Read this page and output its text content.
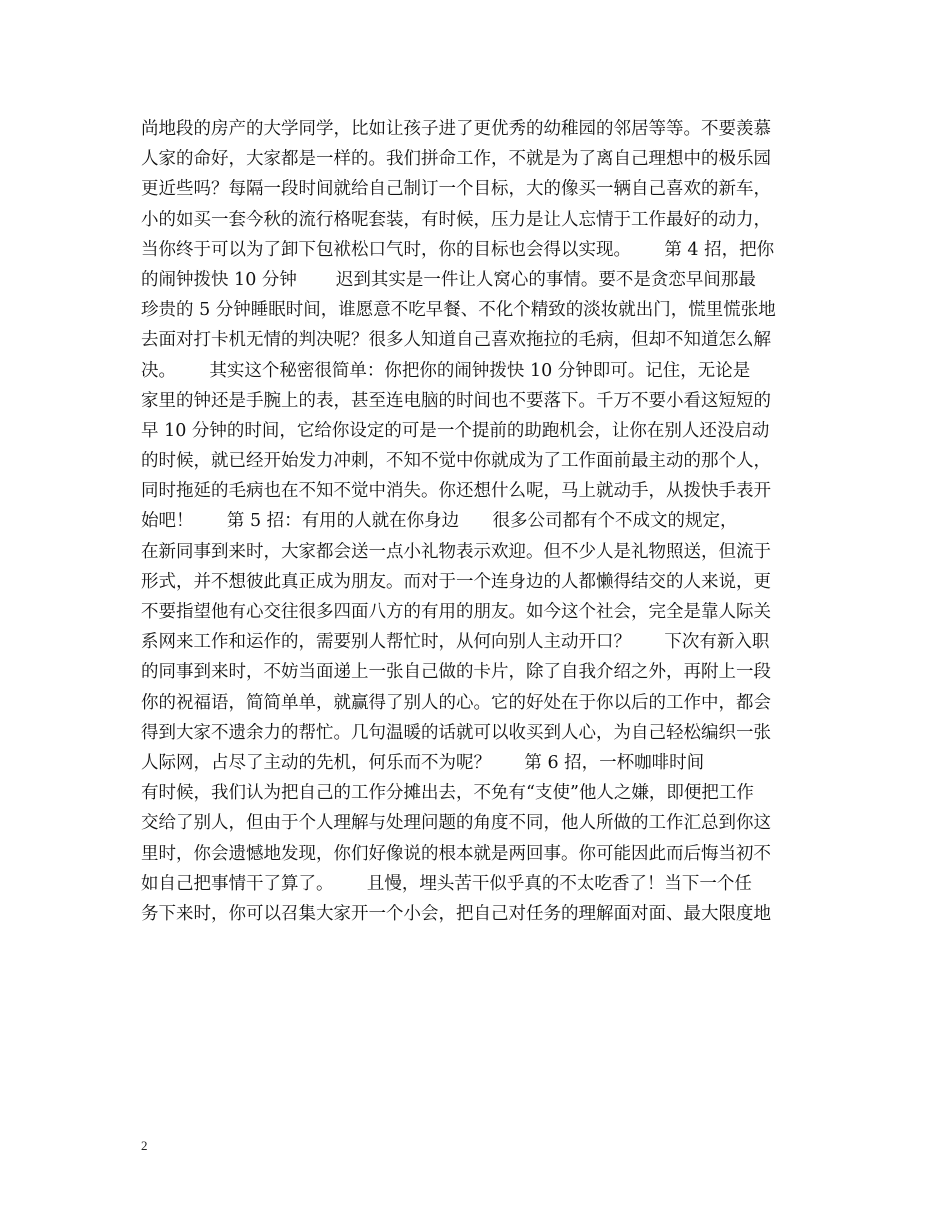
尚地段的房产的大学同学，比如让孩子进了更优秀的幼稚园的邻居等等。不要羡慕
人家的命好，大家都是一样的。我们拼命工作，不就是为了离自己理想中的极乐园
更近些吗？每隔一段时间就给自己制订一个目标，大的像买一辆自己喜欢的新车，
小的如买一套今秋的流行格呢套装，有时候，压力是让人忘情于工作最好的动力，
当你终于可以为了卸下包袱松口气时，你的目标也会得以实现。      第 4 招，把你
的闹钟拨快 10 分钟       迟到其实是一件让人窝心的事情。要不是贪恋早间那最
珍贵的 5 分钟睡眠时间，谁愿意不吃早餐、不化个精致的淡妆就出门，慌里慌张地
去面对打卡机无情的判决呢？很多人知道自己喜欢拖拉的毛病，但却不知道怎么解
决。      其实这个秘密很简单：你把你的闹钟拨快 10 分钟即可。记住，无论是
家里的钟还是手腕上的表，甚至连电脑的时间也不要落下。千万不要小看这短短的
早 10 分钟的时间，它给你设定的可是一个提前的助跑机会，让你在别人还没启动
的时候，就已经开始发力冲刺，不知不觉中你就成为了工作面前最主动的那个人，
同时拖延的毛病也在不知不觉中消失。你还想什么呢，马上就动手，从拨快手表开
始吧！      第 5 招：有用的人就在你身边      很多公司都有个不成文的规定，
在新同事到来时，大家都会送一点小礼物表示欢迎。但不少人是礼物照送，但流于
形式，并不想彼此真正成为朋友。而对于一个连身边的人都懒得结交的人来说，更
不要指望他有心交往很多四面八方的有用的朋友。如今这个社会，完全是靠人际关
系网来工作和运作的，需要别人帮忙时，从何向别人主动开口？      下次有新入职
的同事到来时，不妨当面递上一张自己做的卡片，除了自我介绍之外，再附上一段
你的祝福语，简简单单，就赢得了别人的心。它的好处在于你以后的工作中，都会
得到大家不遗余力的帮忙。几句温暖的话就可以收买到人心，为自己轻松编织一张
人际网，占尽了主动的先机，何乐而不为呢？      第 6 招，一杯咖啡时间
有时候，我们认为把自己的工作分摊出去，不免有“支使”他人之嫌，即便把工作
交给了别人，但由于个人理解与处理问题的角度不同，他人所做的工作汇总到你这
里时，你会遗憾地发现，你们好像说的根本就是两回事。你可能因此而后悔当初不
如自己把事情干了算了。      且慢，埋头苦干似乎真的不太吃香了！当下一个任
务下来时，你可以召集大家开一个小会，把自己对任务的理解面对面、最大限度地
2
